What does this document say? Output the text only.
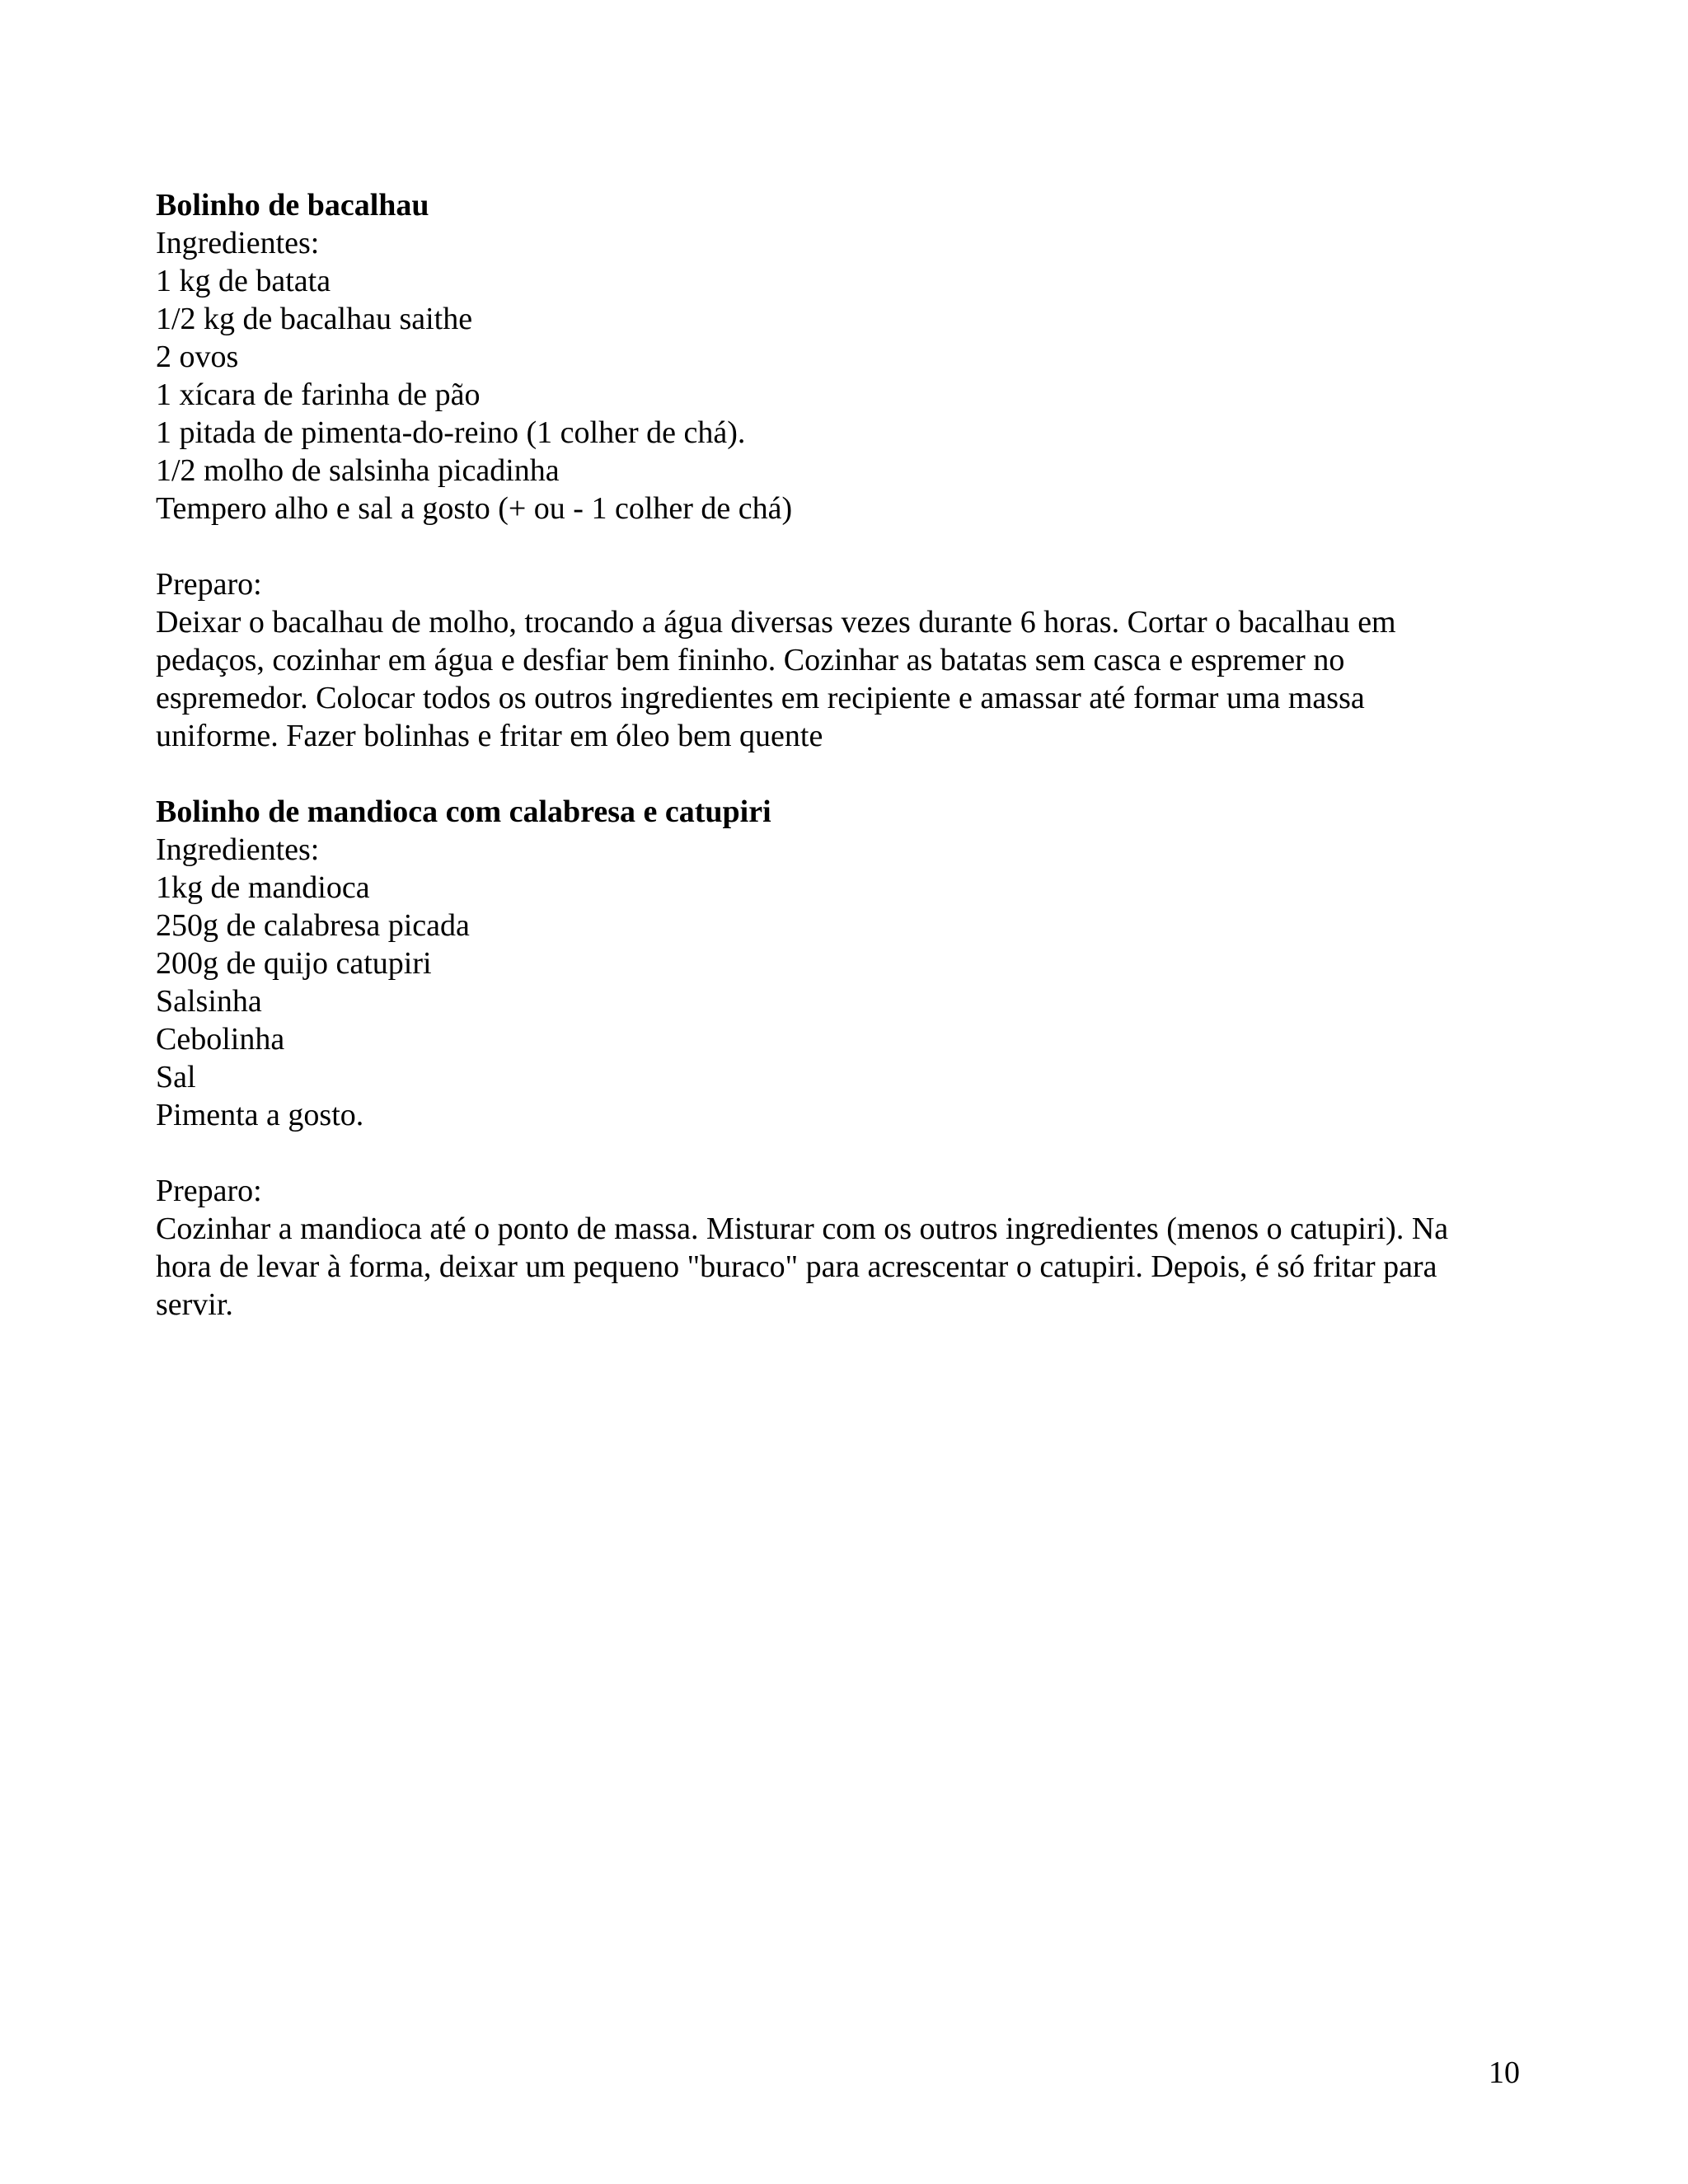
Bolinho de bacalhau

Ingredientes:

1 kg de batata
1/2 kg de bacalhau saithe
2 ovos
1 xícara de farinha de pão
1 pitada de pimenta-do-reino (1 colher de chá).
1/2 molho de salsinha picadinha
Tempero alho e sal a gosto (+ ou - 1 colher de chá)

Preparo:

Deixar o bacalhau de molho, trocando a água diversas vezes durante 6 horas. Cortar o bacalhau em

pedaços, cozinhar em água e desfiar bem fininho. Cozinhar as batatas sem casca e espremer no

espremedor. Colocar todos os outros ingredientes em recipiente e amassar até formar uma massa

uniforme. Fazer bolinhas e fritar em óleo bem quente

Bolinho de mandioca com calabresa e catupiri

Ingredientes:

1kg de mandioca
250g de calabresa picada
200g de quijo catupiri
Salsinha
Cebolinha
Sal
Pimenta a gosto.

Preparo:

Cozinhar a mandioca até o ponto de massa. Misturar com os outros ingredientes (menos o catupiri). Na

hora de levar à forma, deixar um pequeno "buraco" para acrescentar o catupiri. Depois, é só fritar para

servir.

10
